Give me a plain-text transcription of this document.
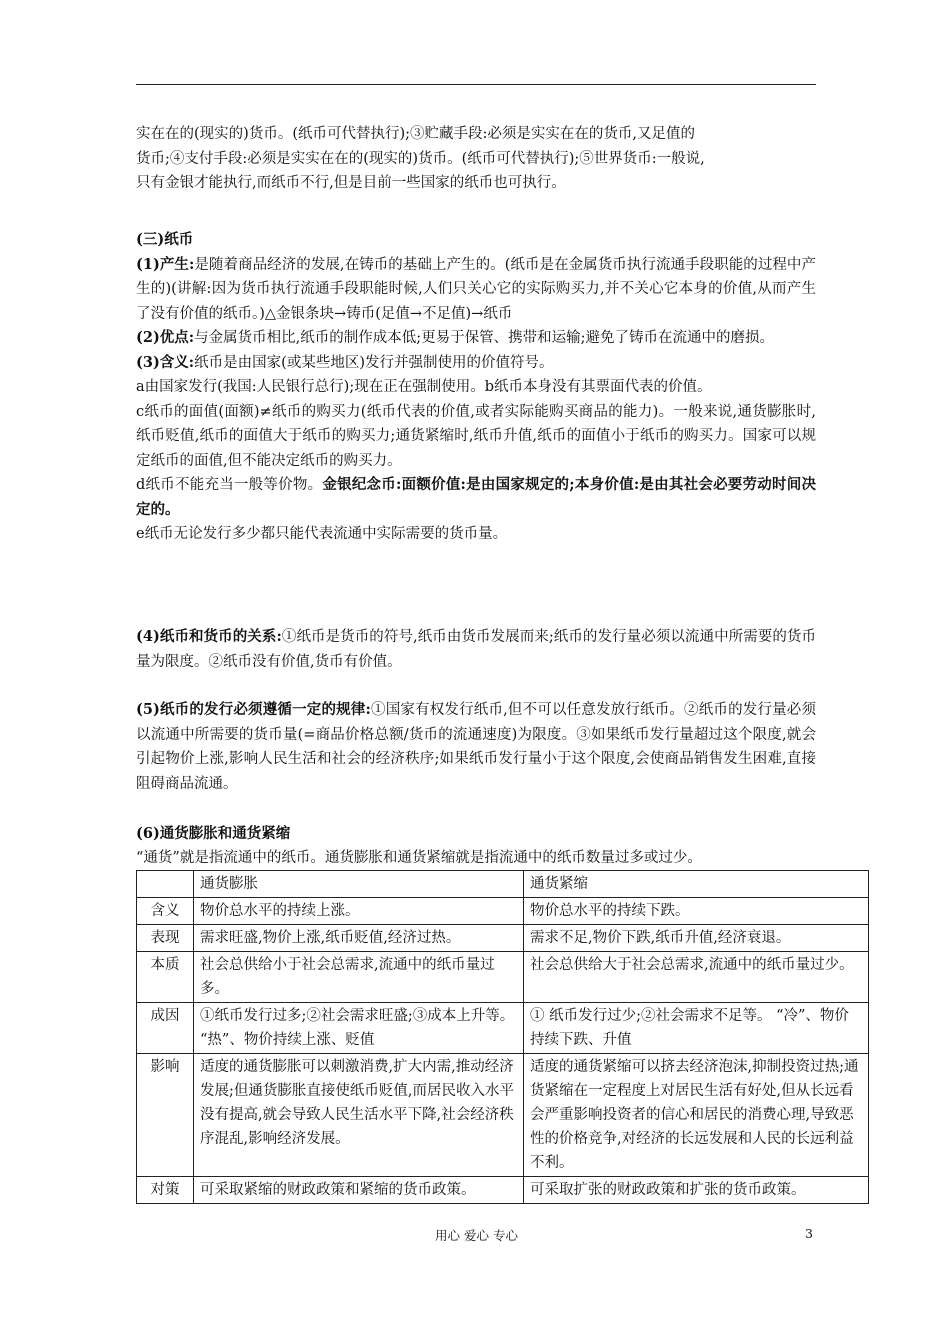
实在在的(现实的)货币。(纸币可代替执行);③贮藏手段:必须是实实在在的货币,又足值的

货币;④支付手段:必须是实实在在的(现实的)货币。(纸币可代替执行);⑤世界货币:一般说,

只有金银才能执行,而纸币不行,但是目前一些国家的纸币也可执行。

(三)纸币

(1)产生:是随着商品经济的发展,在铸币的基础上产生的。(纸币是在金属货币执行流通手段职能的过程中产生的)(讲解:因为货币执行流通手段职能时候,人们只关心它的实际购买力,并不关心它本身的价值,从而产生了没有价值的纸币。)△金银条块→铸币(足值→不足值)→纸币

(2)优点:与金属货币相比,纸币的制作成本低;更易于保管、携带和运输;避免了铸币在流通中的磨损。

(3)含义:纸币是由国家(或某些地区)发行并强制使用的价值符号。

a由国家发行(我国:人民银行总行);现在正在强制使用。b纸币本身没有其票面代表的价值。

c纸币的面值(面额)≠纸币的购买力(纸币代表的价值,或者实际能购买商品的能力)。一般来说,通货膨胀时,纸币贬值,纸币的面值大于纸币的购买力;通货紧缩时,纸币升值,纸币的面值小于纸币的购买力。国家可以规定纸币的面值,但不能决定纸币的购买力。

d纸币不能充当一般等价物。金银纪念币:面额价值:是由国家规定的;本身价值:是由其社会必要劳动时间决定的。

e纸币无论发行多少都只能代表流通中实际需要的货币量。

(4)纸币和货币的关系:①纸币是货币的符号,纸币由货币发展而来;纸币的发行量必须以流通中所需要的货币量为限度。②纸币没有价值,货币有价值。

(5)纸币的发行必须遵循一定的规律:①国家有权发行纸币,但不可以任意发放行纸币。②纸币的发行量必须以流通中所需要的货币量(=商品价格总额/货币的流通速度)为限度。③如果纸币发行量超过这个限度,就会引起物价上涨,影响人民生活和社会的经济秩序;如果纸币发行量小于这个限度,会使商品销售发生困难,直接阻碍商品流通。

(6)通货膨胀和通货紧缩

“通货”就是指流通中的纸币。通货膨胀和通货紧缩就是指流通中的纸币数量过多或过少。

	通货膨胀	通货紧缩
含义	物价总水平的持续上涨。	物价总水平的持续下跌。
表现	需求旺盛,物价上涨,纸币贬值,经济过热。	需求不足,物价下跌,纸币升值,经济衰退。
本质	社会总供给小于社会总需求,流通中的纸币量过多。	社会总供给大于社会总需求,流通中的纸币量过少。
成因	①纸币发行过多;②社会需求旺盛;③成本上升等。 “热”、物价持续上涨、贬值	① 纸币发行过少;②社会需求不足等。 “冷”、物价持续下跌、升值
影响	适度的通货膨胀可以刺激消费,扩大内需,推动经济发展;但通货膨胀直接使纸币贬值,而居民收入水平没有提高,就会导致人民生活水平下降,社会经济秩序混乱,影响经济发展。	适度的通货紧缩可以挤去经济泡沫,抑制投资过热;通货紧缩在一定程度上对居民生活有好处,但从长远看会严重影响投资者的信心和居民的消费心理,导致恶性的价格竞争,对经济的长远发展和人民的长远利益不利。
对策	可采取紧缩的财政政策和紧缩的货币政策。	可采取扩张的财政政策和扩张的货币政策。
用心 爱心 专心	3
